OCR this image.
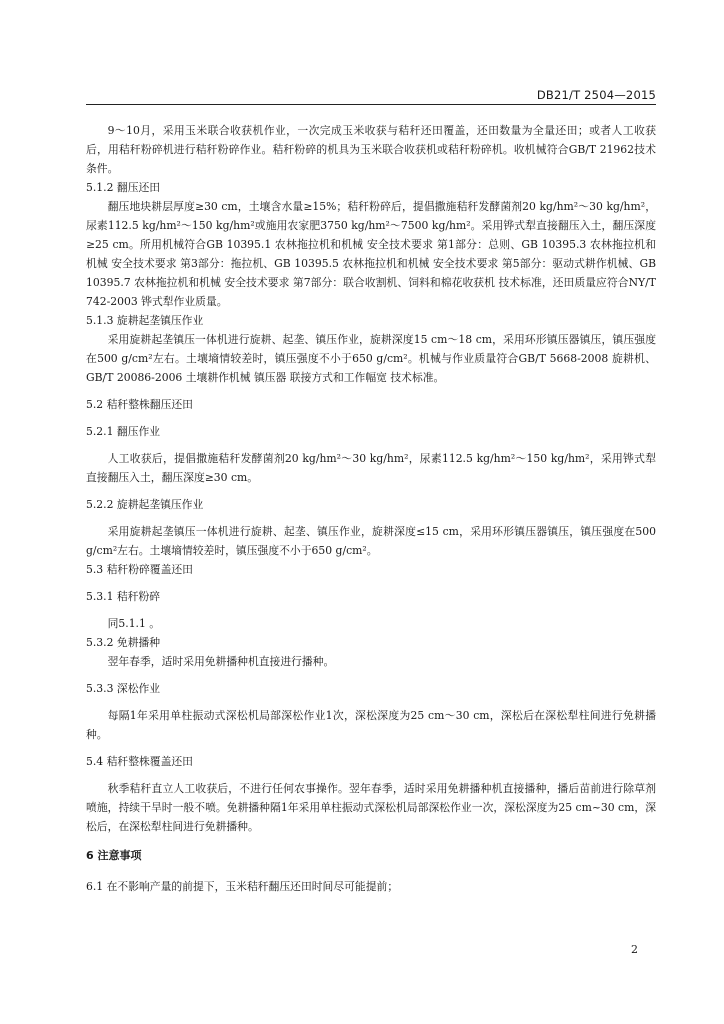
DB21/T 2504—2015

9～10月，采用玉米联合收获机作业，一次完成玉米收获与秸秆还田覆盖，还田数量为全量还田；或者人工收获后，用秸秆粉碎机进行秸秆粉碎作业。秸秆粉碎的机具为玉米联合收获机或秸秆粉碎机。收机械符合GB/T 21962技术条件。

5.1.2 翻压还田

翻压地块耕层厚度≥30 cm，土壤含水量≥15%；秸秆粉碎后，提倡撒施秸秆发酵菌剂20 kg/hm²～30 kg/hm²，尿素112.5 kg/hm²～150 kg/hm²或施用农家肥3750 kg/hm²～7500 kg/hm²。采用铧式犁直接翻压入土，翻压深度≥25 cm。所用机械符合GB 10395.1 农林拖拉机和机械 安全技术要求 第1部分：总则、GB 10395.3 农林拖拉机和机械 安全技术要求 第3部分：拖拉机、GB 10395.5 农林拖拉机和机械 安全技术要求 第5部分：驱动式耕作机械、GB 10395.7 农林拖拉机和机械 安全技术要求 第7部分：联合收割机、饲料和棉花收获机 技术标准，还田质量应符合NY/T 742-2003 铧式犁作业质量。

5.1.3 旋耕起垄镇压作业

采用旋耕起垄镇压一体机进行旋耕、起垄、镇压作业，旋耕深度15 cm～18 cm，采用环形镇压器镇压，镇压强度在500 g/cm²左右。土壤墒情较差时，镇压强度不小于650 g/cm²。机械与作业质量符合GB/T 5668-2008 旋耕机、GB/T 20086-2006 土壤耕作机械 镇压器 联接方式和工作幅宽 技术标准。

5.2 秸秆整株翻压还田
5.2.1 翻压作业

人工收获后，提倡撒施秸秆发酵菌剂20 kg/hm²～30 kg/hm²，尿素112.5 kg/hm²～150 kg/hm²，采用铧式犁直接翻压入土，翻压深度≥30 cm。

5.2.2 旋耕起垄镇压作业

采用旋耕起垄镇压一体机进行旋耕、起垄、镇压作业，旋耕深度≤15 cm，采用环形镇压器镇压，镇压强度在500 g/cm²左右。土壤墒情较差时，镇压强度不小于650 g/cm²。

5.3 秸秆粉碎覆盖还田
5.3.1 秸秆粉碎

同5.1.1 。

5.3.2 免耕播种

翌年春季，适时采用免耕播种机直接进行播种。

5.3.3 深松作业

每隔1年采用单柱振动式深松机局部深松作业1次，深松深度为25 cm～30 cm，深松后在深松犁柱间进行免耕播种。

5.4 秸秆整株覆盖还田

秋季秸秆直立人工收获后，不进行任何农事操作。翌年春季，适时采用免耕播种机直接播种，播后苗前进行除草剂喷施，持续干旱时一般不喷。免耕播种隔1年采用单柱振动式深松机局部深松作业一次，深松深度为25 cm~30 cm，深松后，在深松犁柱间进行免耕播种。

6 注意事项
6.1 在不影响产量的前提下，玉米秸秆翻压还田时间尽可能提前；
2
